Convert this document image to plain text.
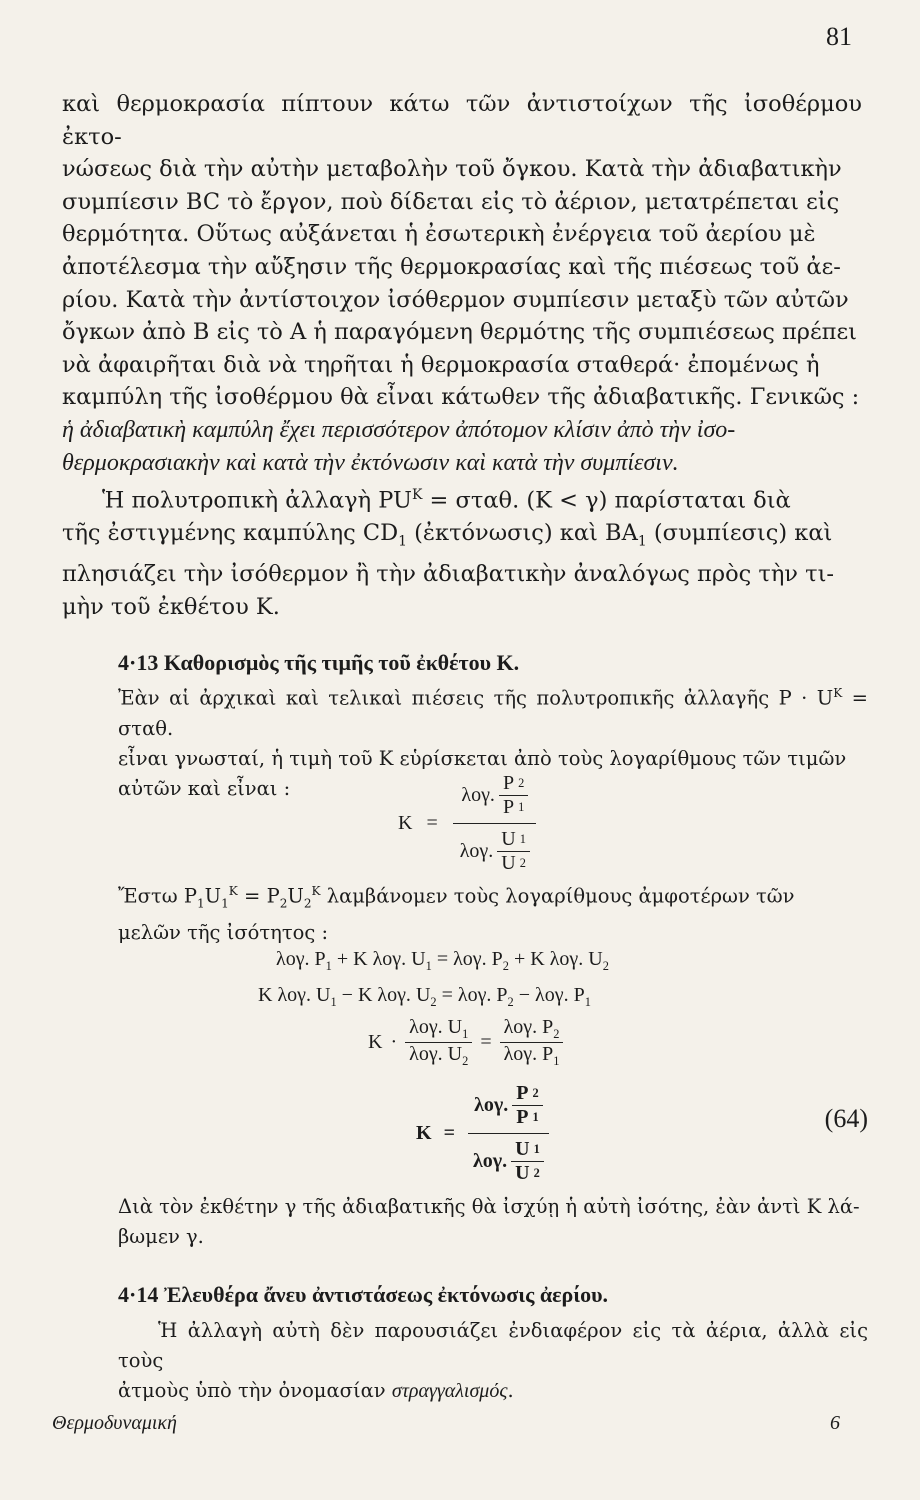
81

καὶ θερμοκρασία πίπτουν κάτω τῶν ἀντιστοίχων τῆς ἰσοθέρμου ἐκτο-

νώσεως διὰ τὴν αὐτὴν μεταβολὴν τοῦ ὄγκου. Κατὰ τὴν ἀδιαβατικὴν

συμπίεσιν BC τὸ ἔργον, ποὺ δίδεται εἰς τὸ ἀέριον, μετατρέπεται εἰς

θερμότητα. Οὕτως αὐξάνεται ἡ ἐσωτερικὴ ἐνέργεια τοῦ ἀερίου μὲ

ἀποτέλεσμα τὴν αὔξησιν τῆς θερμοκρασίας καὶ τῆς πιέσεως τοῦ ἀε-

ρίου. Κατὰ τὴν ἀντίστοιχον ἰσόθερμον συμπίεσιν μεταξὺ τῶν αὐτῶν

ὄγκων ἀπὸ B εἰς τὸ A ἡ παραγόμενη θερμότης τῆς συμπιέσεως πρέπει

νὰ ἀφαιρῆται διὰ νὰ τηρῆται ἡ θερμοκρασία σταθερά· ἐπομένως ἡ

καμπύλη τῆς ἰσοθέρμου θὰ εἶναι κάτωθεν τῆς ἀδιαβατικῆς. Γενικῶς :

ἡ ἀδιαβατικὴ καμπύλη ἔχει περισσότερον ἀπότομον κλίσιν ἀπὸ τὴν ἰσο-

θερμοκρασιακὴν καὶ κατὰ τὴν ἐκτόνωσιν καὶ κατὰ τὴν συμπίεσιν.

Ἡ πολυτροπικὴ ἀλλαγὴ $PU^K = \sigma\tau\alpha\theta$. (K < γ) παρίσταται διὰ

τῆς ἐστιγμένης καμπύλης $CD_1$ (ἐκτόνωσις) καὶ $BA_1$ (συμπίεσις) καὶ

πλησιάζει τὴν ἰσόθερμον ἢ τὴν ἀδιαβατικὴν ἀναλόγως πρὸς τὴν τι-

μὴν τοῦ ἐκθέτου K.

4·13 Καθορισμὸς τῆς τιμῆς τοῦ ἐκθέτου K.

Ἐὰν αἱ ἀρχικαὶ καὶ τελικαὶ πιέσεις τῆς πολυτροπικῆς ἀλλαγῆς $P \cdot U^K = \sigma\tau\alpha\theta$.

εἶναι γνωσταί, ἡ τιμὴ τοῦ K εὑρίσκεται ἀπὸ τοὺς λογαρίθμους τῶν τιμῶν

αὐτῶν καὶ εἶναι :

$K = \frac{\lambda o\gamma. \frac{P 2}{P 1}}{\lambda o\gamma. \frac{U 1}{U 2}}$

Ἔστω $P_1U_1^K = P_2U_2^K$ λαμβάνομεν τοὺς λογαρίθμους ἀμφοτέρων τῶν

μελῶν τῆς ἰσότητος :

λογ. $P_1 + K$ λογ. $U_1 = \lambda o\gamma$. $P_2 + K$ λογ. $U_2$
K λογ. $U_1 - K$ λογ. $U_2 = \lambda o\gamma$. $P_2 - \lambda o\gamma$. $P_1$
$K \cdot \frac{\lambda o\gamma. U_1}{\lambda o\gamma. U_2} = \frac{\lambda o\gamma. P_2}{\lambda o\gamma. P_1}$
$K = \frac{\lambda o\gamma. \frac{P 2}{P 1}}{\lambda o\gamma. \frac{U 1}{U 2}}$	(64)

Διὰ τὸν ἐκθέτην γ τῆς ἀδιαβατικῆς θὰ ἰσχύῃ ἡ αὐτὴ ἰσότης, ἐὰν ἀντὶ K λά-

βωμεν γ.

4·14 Ἐλευθέρα ἄνευ ἀντιστάσεως ἐκτόνωσις ἀερίου.

Ἡ ἀλλαγὴ αὐτὴ δὲν παρουσιάζει ἐνδιαφέρον εἰς τὰ ἀέρια, ἀλλὰ εἰς τοὺς

ἀτμοὺς ὑπὸ τὴν ὀνομασίαν στραγγαλισμός.

Θερμοδυναμική	6
